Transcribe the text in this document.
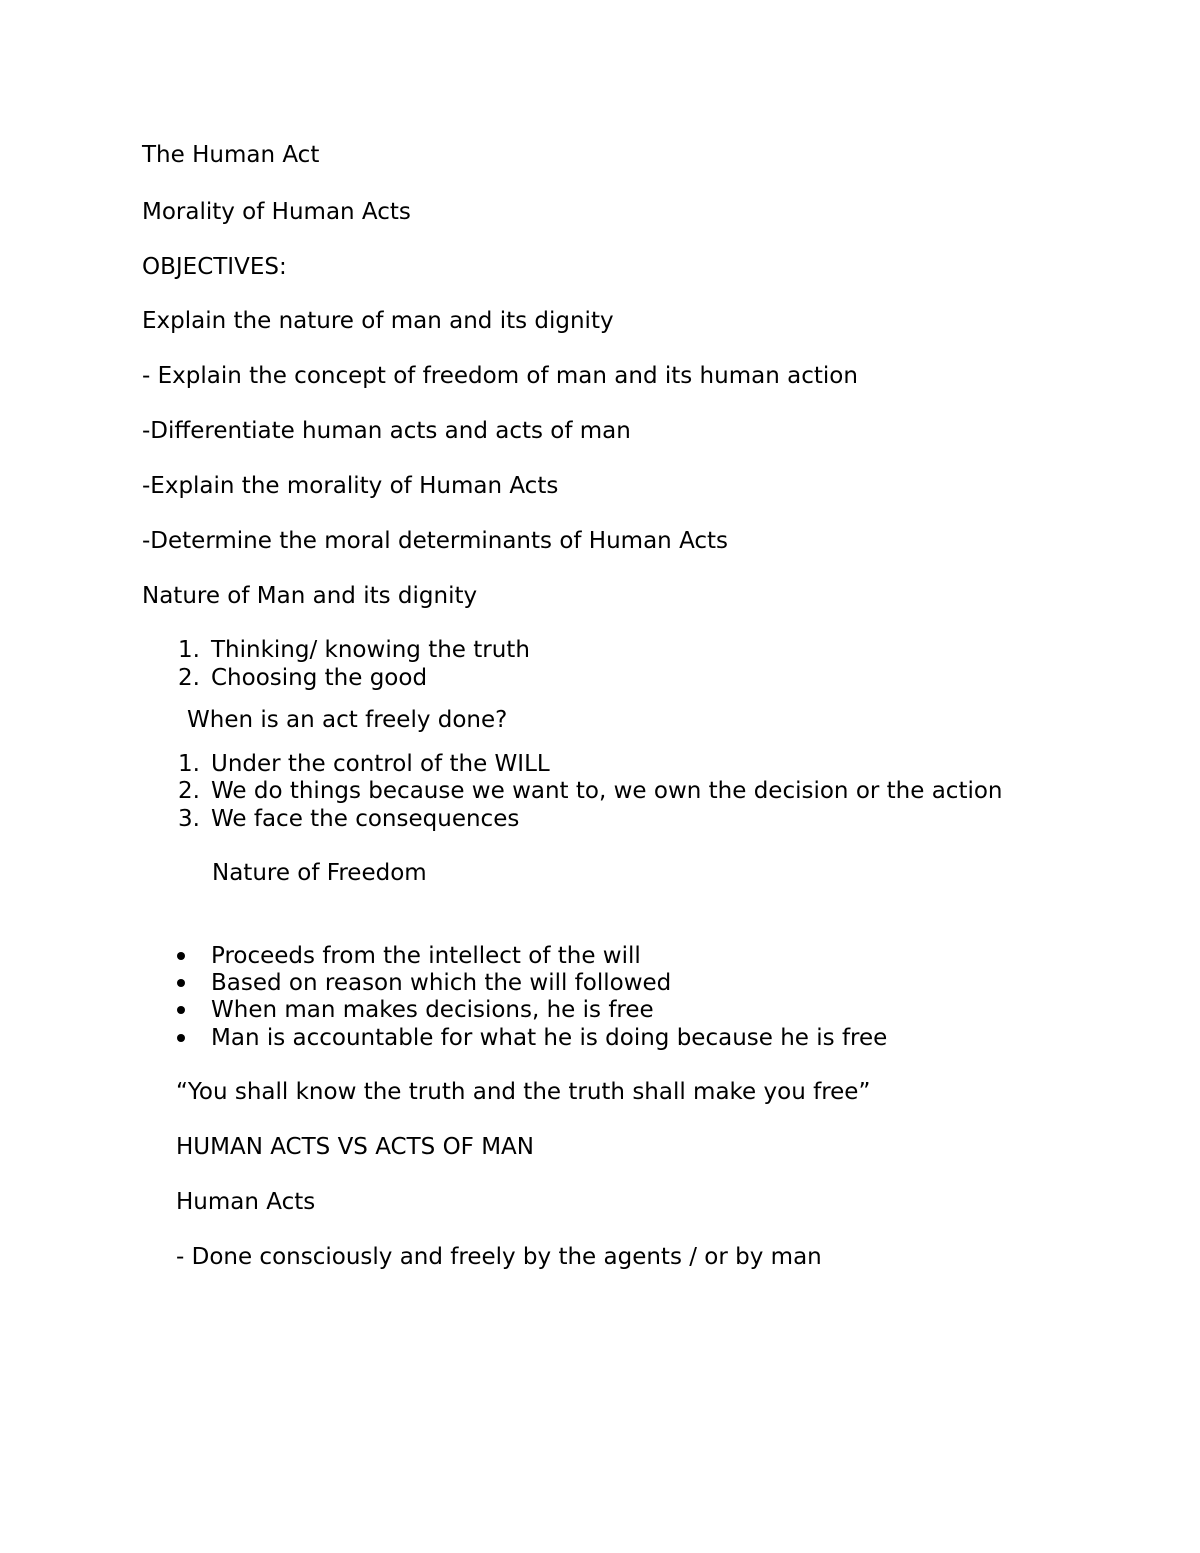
The Human Act

Morality of Human Acts

OBJECTIVES:

Explain the nature of man and its dignity

- Explain the concept of freedom of man and its human action

-Differentiate human acts and acts of man

-Explain the morality of Human Acts

-Determine the moral determinants of Human Acts

Nature of Man and its dignity

1. Thinking/ knowing the truth

2. Choosing the good

When is an act freely done?

1. Under the control of the WILL

2. We do things because we want to, we own the decision or the action

3. We face the consequences

Nature of Freedom

Proceeds from the intellect of the will

Based on reason which the will followed

When man makes decisions, he is free

Man is accountable for what he is doing because he is free

“You shall know the truth and the truth shall make you free”

HUMAN ACTS VS ACTS OF MAN

Human Acts

- Done consciously and freely by the agents / or by man
